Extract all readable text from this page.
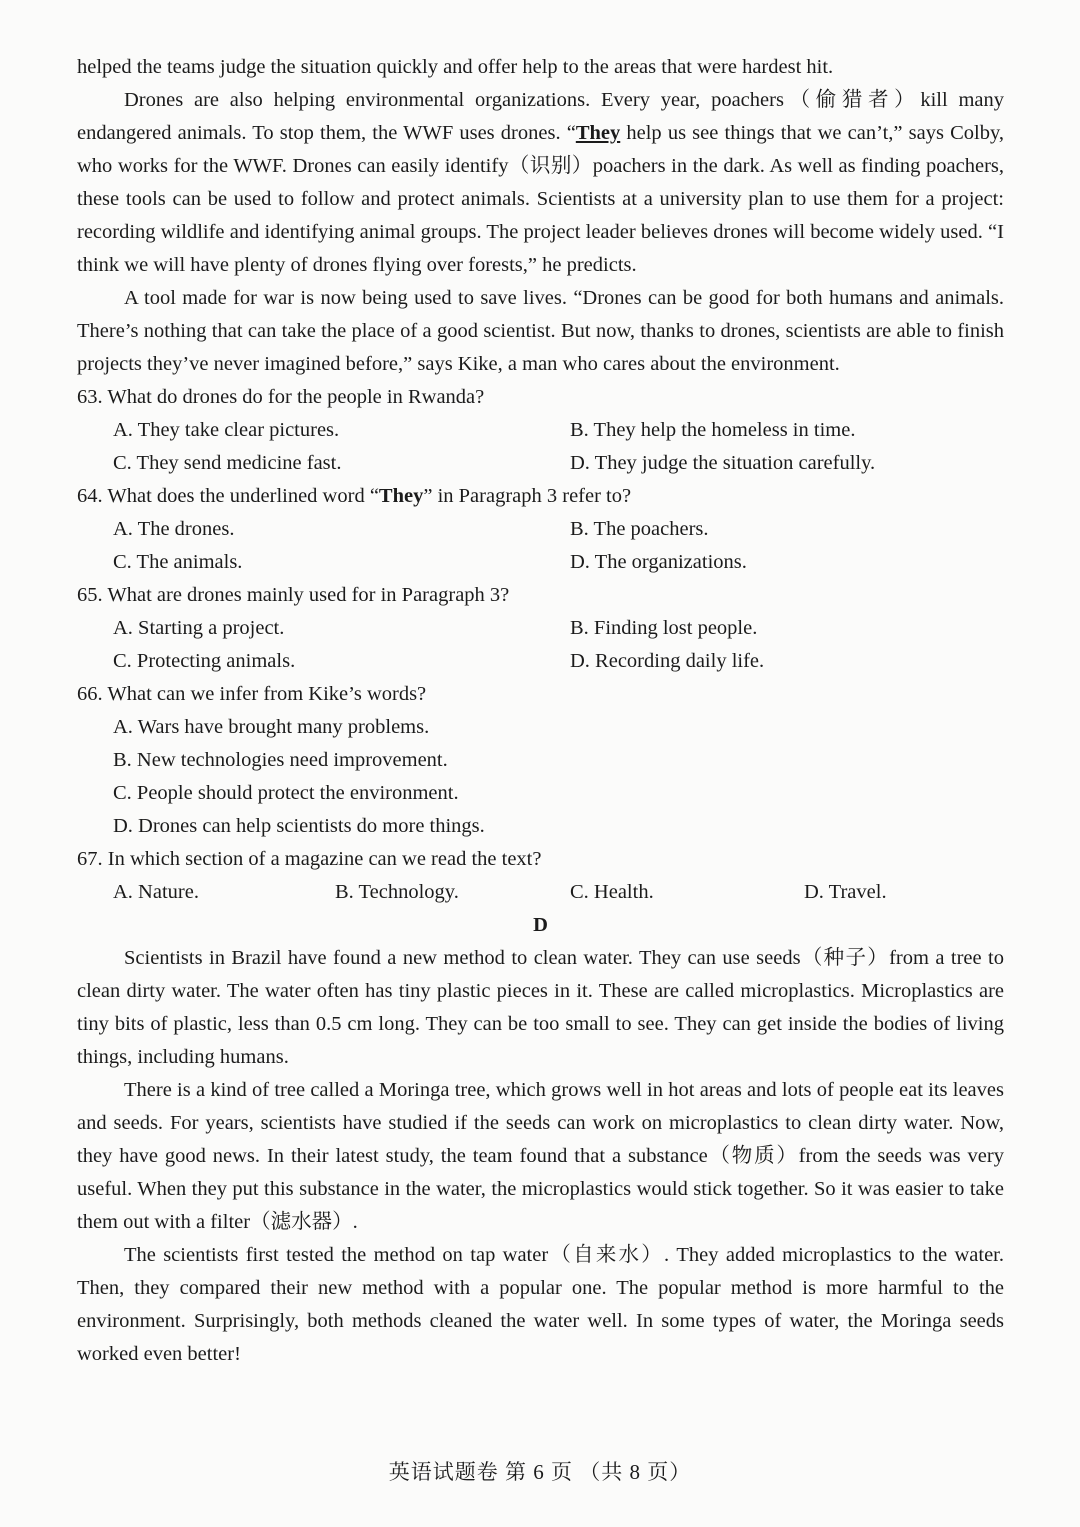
helped the teams judge the situation quickly and offer help to the areas that were hardest hit.

Drones are also helping environmental organizations. Every year, poachers（偷猎者）kill many endangered animals. To stop them, the WWF uses drones. “They help us see things that we can’t,” says Colby, who works for the WWF. Drones can easily identify（识别）poachers in the dark. As well as finding poachers, these tools can be used to follow and protect animals. Scientists at a university plan to use them for a project: recording wildlife and identifying animal groups. The project leader believes drones will become widely used. “I think we will have plenty of drones flying over forests,” he predicts.

A tool made for war is now being used to save lives. “Drones can be good for both humans and animals. There’s nothing that can take the place of a good scientist. But now, thanks to drones, scientists are able to finish projects they’ve never imagined before,” says Kike, a man who cares about the environment.

63. What do drones do for the people in Rwanda?

A. They take clear pictures.	B. They help the homeless in time.
C. They send medicine fast.	D. They judge the situation carefully.

64. What does the underlined word “They” in Paragraph 3 refer to?

A. The drones.	B. The poachers.
C. The animals.	D. The organizations.

65. What are drones mainly used for in Paragraph 3?

A. Starting a project.	B. Finding lost people.
C. Protecting animals.	D. Recording daily life.

66. What can we infer from Kike’s words?

A. Wars have brought many problems.
B. New technologies need improvement.
C. People should protect the environment.
D. Drones can help scientists do more things.

67. In which section of a magazine can we read the text?

A. Nature.	B. Technology.	C. Health.	D. Travel.

D

Scientists in Brazil have found a new method to clean water. They can use seeds（种子）from a tree to clean dirty water. The water often has tiny plastic pieces in it. These are called microplastics. Microplastics are tiny bits of plastic, less than 0.5 cm long. They can be too small to see. They can get inside the bodies of living things, including humans.

There is a kind of tree called a Moringa tree, which grows well in hot areas and lots of people eat its leaves and seeds. For years, scientists have studied if the seeds can work on microplastics to clean dirty water. Now, they have good news. In their latest study, the team found that a substance（物质）from the seeds was very useful. When they put this substance in the water, the microplastics would stick together. So it was easier to take them out with a filter（滤水器）.

The scientists first tested the method on tap water（自来水）. They added microplastics to the water. Then, they compared their new method with a popular one. The popular method is more harmful to the environment. Surprisingly, both methods cleaned the water well. In some types of water, the Moringa seeds worked even better!

英语试题卷 第 6 页 （共 8 页）
